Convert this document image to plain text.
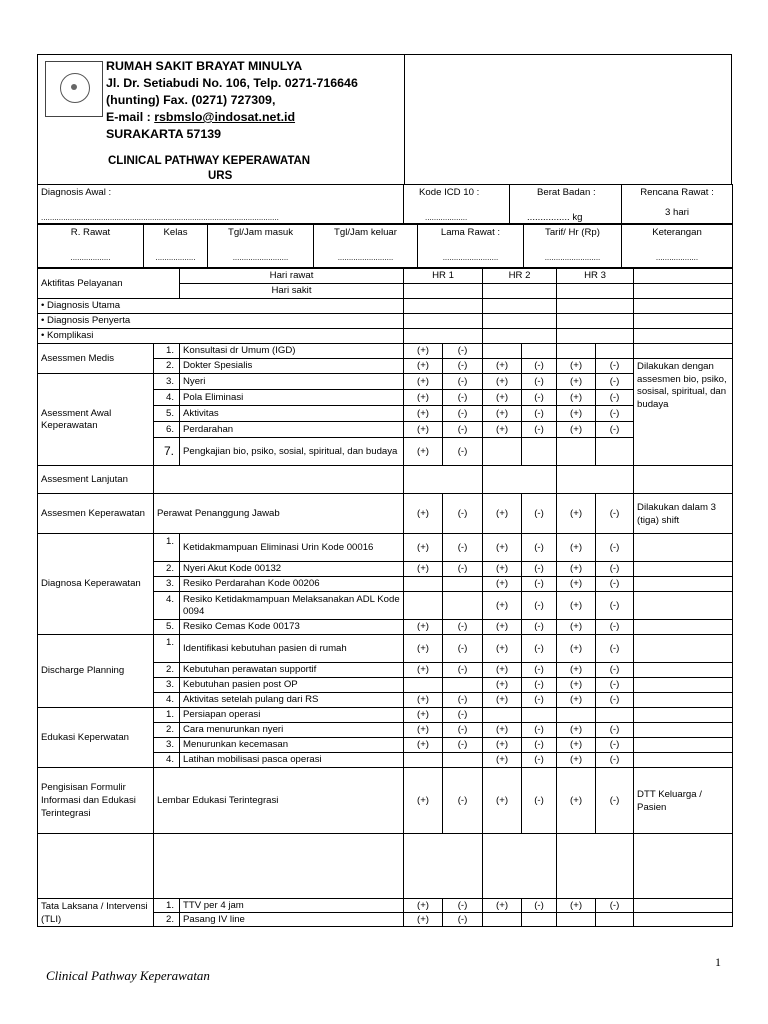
RUMAH SAKIT BRAYAT MINULYA
Jl. Dr. Setiabudi No. 106, Telp. 0271-716646
(hunting) Fax. (0271) 727309,
E-mail : rsbmslo@indosat.net.id
SURAKARTA 57139
CLINICAL PATHWAY KEPERAWATAN
URS
Diagnosis Awal :
...........................................................................................................

Kode ICD 10 :
...................

Berat Badan :
................ kg

Rencana Rawat :
3 hari
R. Rawat
..................

Kelas
..................

Tgl/Jam masuk
.........................

Tgl/Jam keluar
.........................

Lama Rawat :
.........................

Tarif/ Hr (Rp)
.........................

Keterangan
...................
Aktifitas Pelayanan		Hari rawat	HR 1		HR 2		HR 3		
		Hari sakit							
• Diagnosis Utama									
• Diagnosis Penyerta									
• Komplikasi									
Asessmen Medis	1.	Konsultasi dr Umum (IGD)	(+)	(-)					
	2.	Dokter Spesialis	(+)	(-)	(+)	(-)	(+)	(-)	Dilakukan dengan assesmen bio, psiko, sosisal, spiritual, dan budaya
Asessment Awal Keperawatan	3.	Nyeri	(+)	(-)	(+)	(-)	(+)	(-)	
	4.	Pola Eliminasi	(+)	(-)	(+)	(-)	(+)	(-)	
	5.	Aktivitas	(+)	(-)	(+)	(-)	(+)	(-)	
	6.	Perdarahan	(+)	(-)	(+)	(-)	(+)	(-)	
	7.	Pengkajian bio, psiko, sosial, spiritual, dan budaya	(+)	(-)					
Assesment Lanjutan									
Assesmen Keperawatan	Perawat Penanggung Jawab		(+)	(-)	(+)	(-)	(+)	(-)	Dilakukan dalam 3 (tiga) shift
Diagnosa Keperawatan	1.	Ketidakmampuan Eliminasi Urin Kode 00016	(+)	(-)	(+)	(-)	(+)	(-)	
	2.	Nyeri Akut Kode 00132	(+)	(-)	(+)	(-)	(+)	(-)	
	3.	Resiko Perdarahan Kode 00206			(+)	(-)	(+)	(-)	
	4.	Resiko Ketidakmampuan Melaksanakan ADL Kode 0094			(+)	(-)	(+)	(-)	
	5.	Resiko Cemas Kode 00173	(+)	(-)	(+)	(-)	(+)	(-)	
Discharge Planning	1.	Identifikasi kebutuhan pasien di rumah	(+)	(-)	(+)	(-)	(+)	(-)	
	2.	Kebutuhan perawatan supportif	(+)	(-)	(+)	(-)	(+)	(-)	
	3.	Kebutuhan pasien post OP			(+)	(-)	(+)	(-)	
	4.	Aktivitas setelah pulang dari RS	(+)	(-)	(+)	(-)	(+)	(-)	
Edukasi Keperwatan	1.	Persiapan operasi	(+)	(-)					
	2.	Cara menurunkan nyeri	(+)	(-)	(+)	(-)	(+)	(-)	
	3.	Menurunkan kecemasan	(+)	(-)	(+)	(-)	(+)	(-)	
	4.	Latihan mobilisasi pasca operasi			(+)	(-)	(+)	(-)	
Pengisisan Formulir Informasi dan Edukasi Terintegrasi	Lembar Edukasi Terintegrasi		(+)	(-)	(+)	(-)	(+)	(-)	DTT Keluarga / Pasien

Tata Laksana / Intervensi (TLI)	1.	TTV per 4 jam	(+)	(-)	(+)	(-)	(+)	(-)	
	2.	Pasang IV line	(+)	(-)					
1
Clinical Pathway Keperawatan
